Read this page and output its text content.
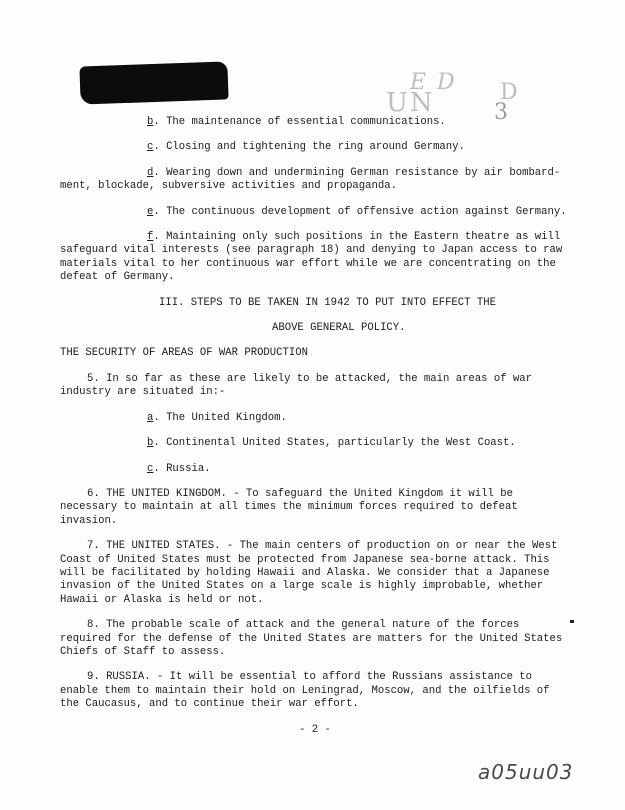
E D
UN	D
3

b. The maintenance of essential communications.

c. Closing and tightening the ring around Germany.

d. Wearing down and undermining German resistance by air bombard-

ment, blockade, subversive activities and propaganda.

e. The continuous development of offensive action against Germany.

f. Maintaining only such positions in the Eastern theatre as will

safeguard vital interests (see paragraph 18) and denying to Japan access to raw materials vital to her continuous war effort while we are concentrating on the defeat of Germany.

III. STEPS TO BE TAKEN IN 1942 TO PUT INTO EFFECT THE

ABOVE GENERAL POLICY.

THE SECURITY OF AREAS OF WAR PRODUCTION

5. In so far as these are likely to be attacked, the main areas of war industry are situated in:-

a. The United Kingdom.

b. Continental United States, particularly the West Coast.

c. Russia.

6. THE UNITED KINGDOM. - To safeguard the United Kingdom it will be necessary to maintain at all times the minimum forces required to defeat invasion.

7. THE UNITED STATES. - The main centers of production on or near the West Coast of United States must be protected from Japanese sea-borne attack. This will be facilitated by holding Hawaii and Alaska. We consider that a Japanese invasion of the United States on a large scale is highly improbable, whether Hawaii or Alaska is held or not.

8. The probable scale of attack and the general nature of the forces required for the defense of the United States are matters for the United States Chiefs of Staff to assess.

9. RUSSIA. - It will be essential to afford the Russians assistance to enable them to maintain their hold on Leningrad, Moscow, and the oilfields of the Caucasus, and to continue their war effort.

- 2 -

a05uu03
